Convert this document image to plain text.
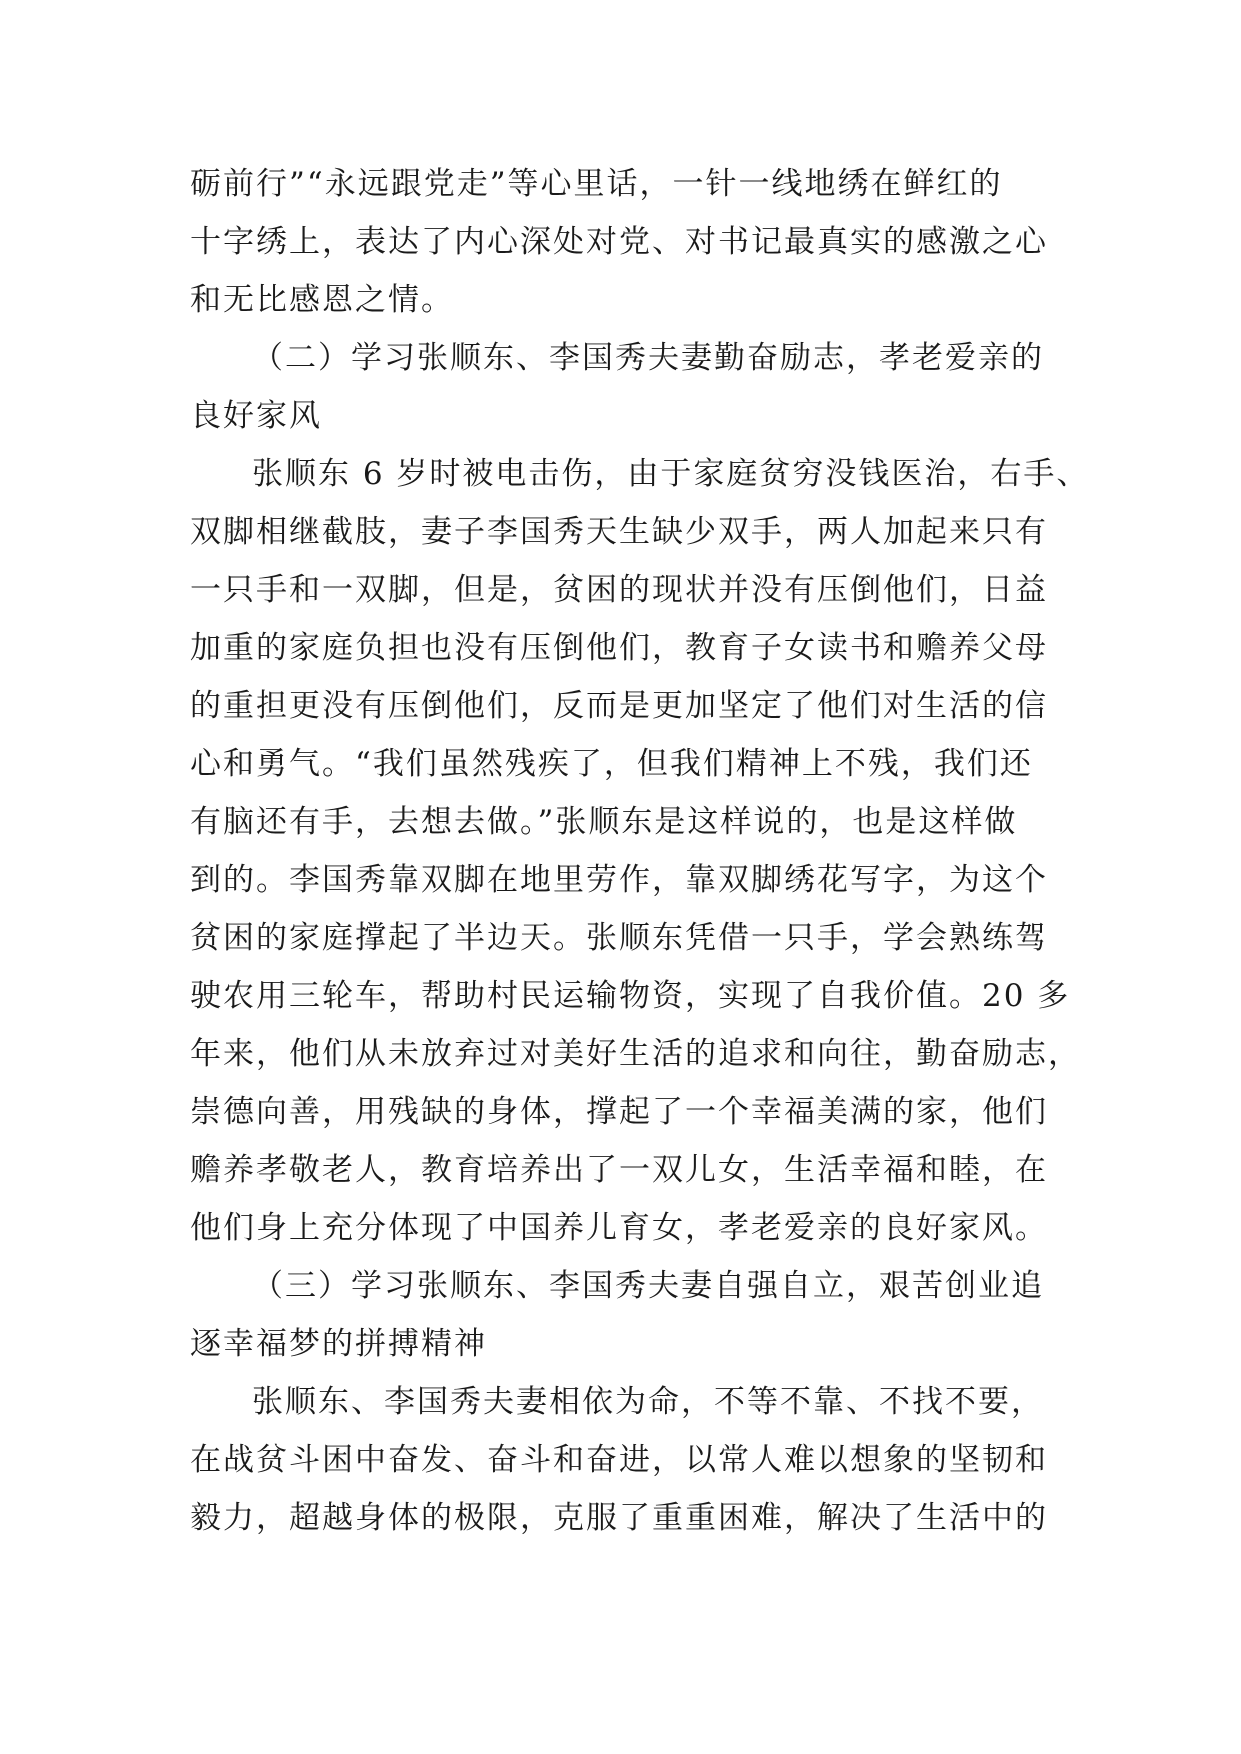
砺前行”“永远跟党走”等心里话，一针一线地绣在鲜红的
十字绣上，表达了内心深处对党、对书记最真实的感激之心
和无比感恩之情。
（二）学习张顺东、李国秀夫妻勤奋励志，孝老爱亲的
良好家风
张顺东 6 岁时被电击伤，由于家庭贫穷没钱医治，右手、
双脚相继截肢，妻子李国秀天生缺少双手，两人加起来只有
一只手和一双脚，但是，贫困的现状并没有压倒他们，日益
加重的家庭负担也没有压倒他们，教育子女读书和赡养父母
的重担更没有压倒他们，反而是更加坚定了他们对生活的信
心和勇气。“我们虽然残疾了，但我们精神上不残，我们还
有脑还有手，去想去做。”张顺东是这样说的，也是这样做
到的。李国秀靠双脚在地里劳作，靠双脚绣花写字，为这个
贫困的家庭撑起了半边天。张顺东凭借一只手，学会熟练驾
驶农用三轮车，帮助村民运输物资，实现了自我价值。20 多
年来，他们从未放弃过对美好生活的追求和向往，勤奋励志，
崇德向善，用残缺的身体，撑起了一个幸福美满的家，他们
赡养孝敬老人，教育培养出了一双儿女，生活幸福和睦，在
他们身上充分体现了中国养儿育女，孝老爱亲的良好家风。
（三）学习张顺东、李国秀夫妻自强自立，艰苦创业追
逐幸福梦的拼搏精神
张顺东、李国秀夫妻相依为命，不等不靠、不找不要，
在战贫斗困中奋发、奋斗和奋进，以常人难以想象的坚韧和
毅力，超越身体的极限，克服了重重困难，解决了生活中的
